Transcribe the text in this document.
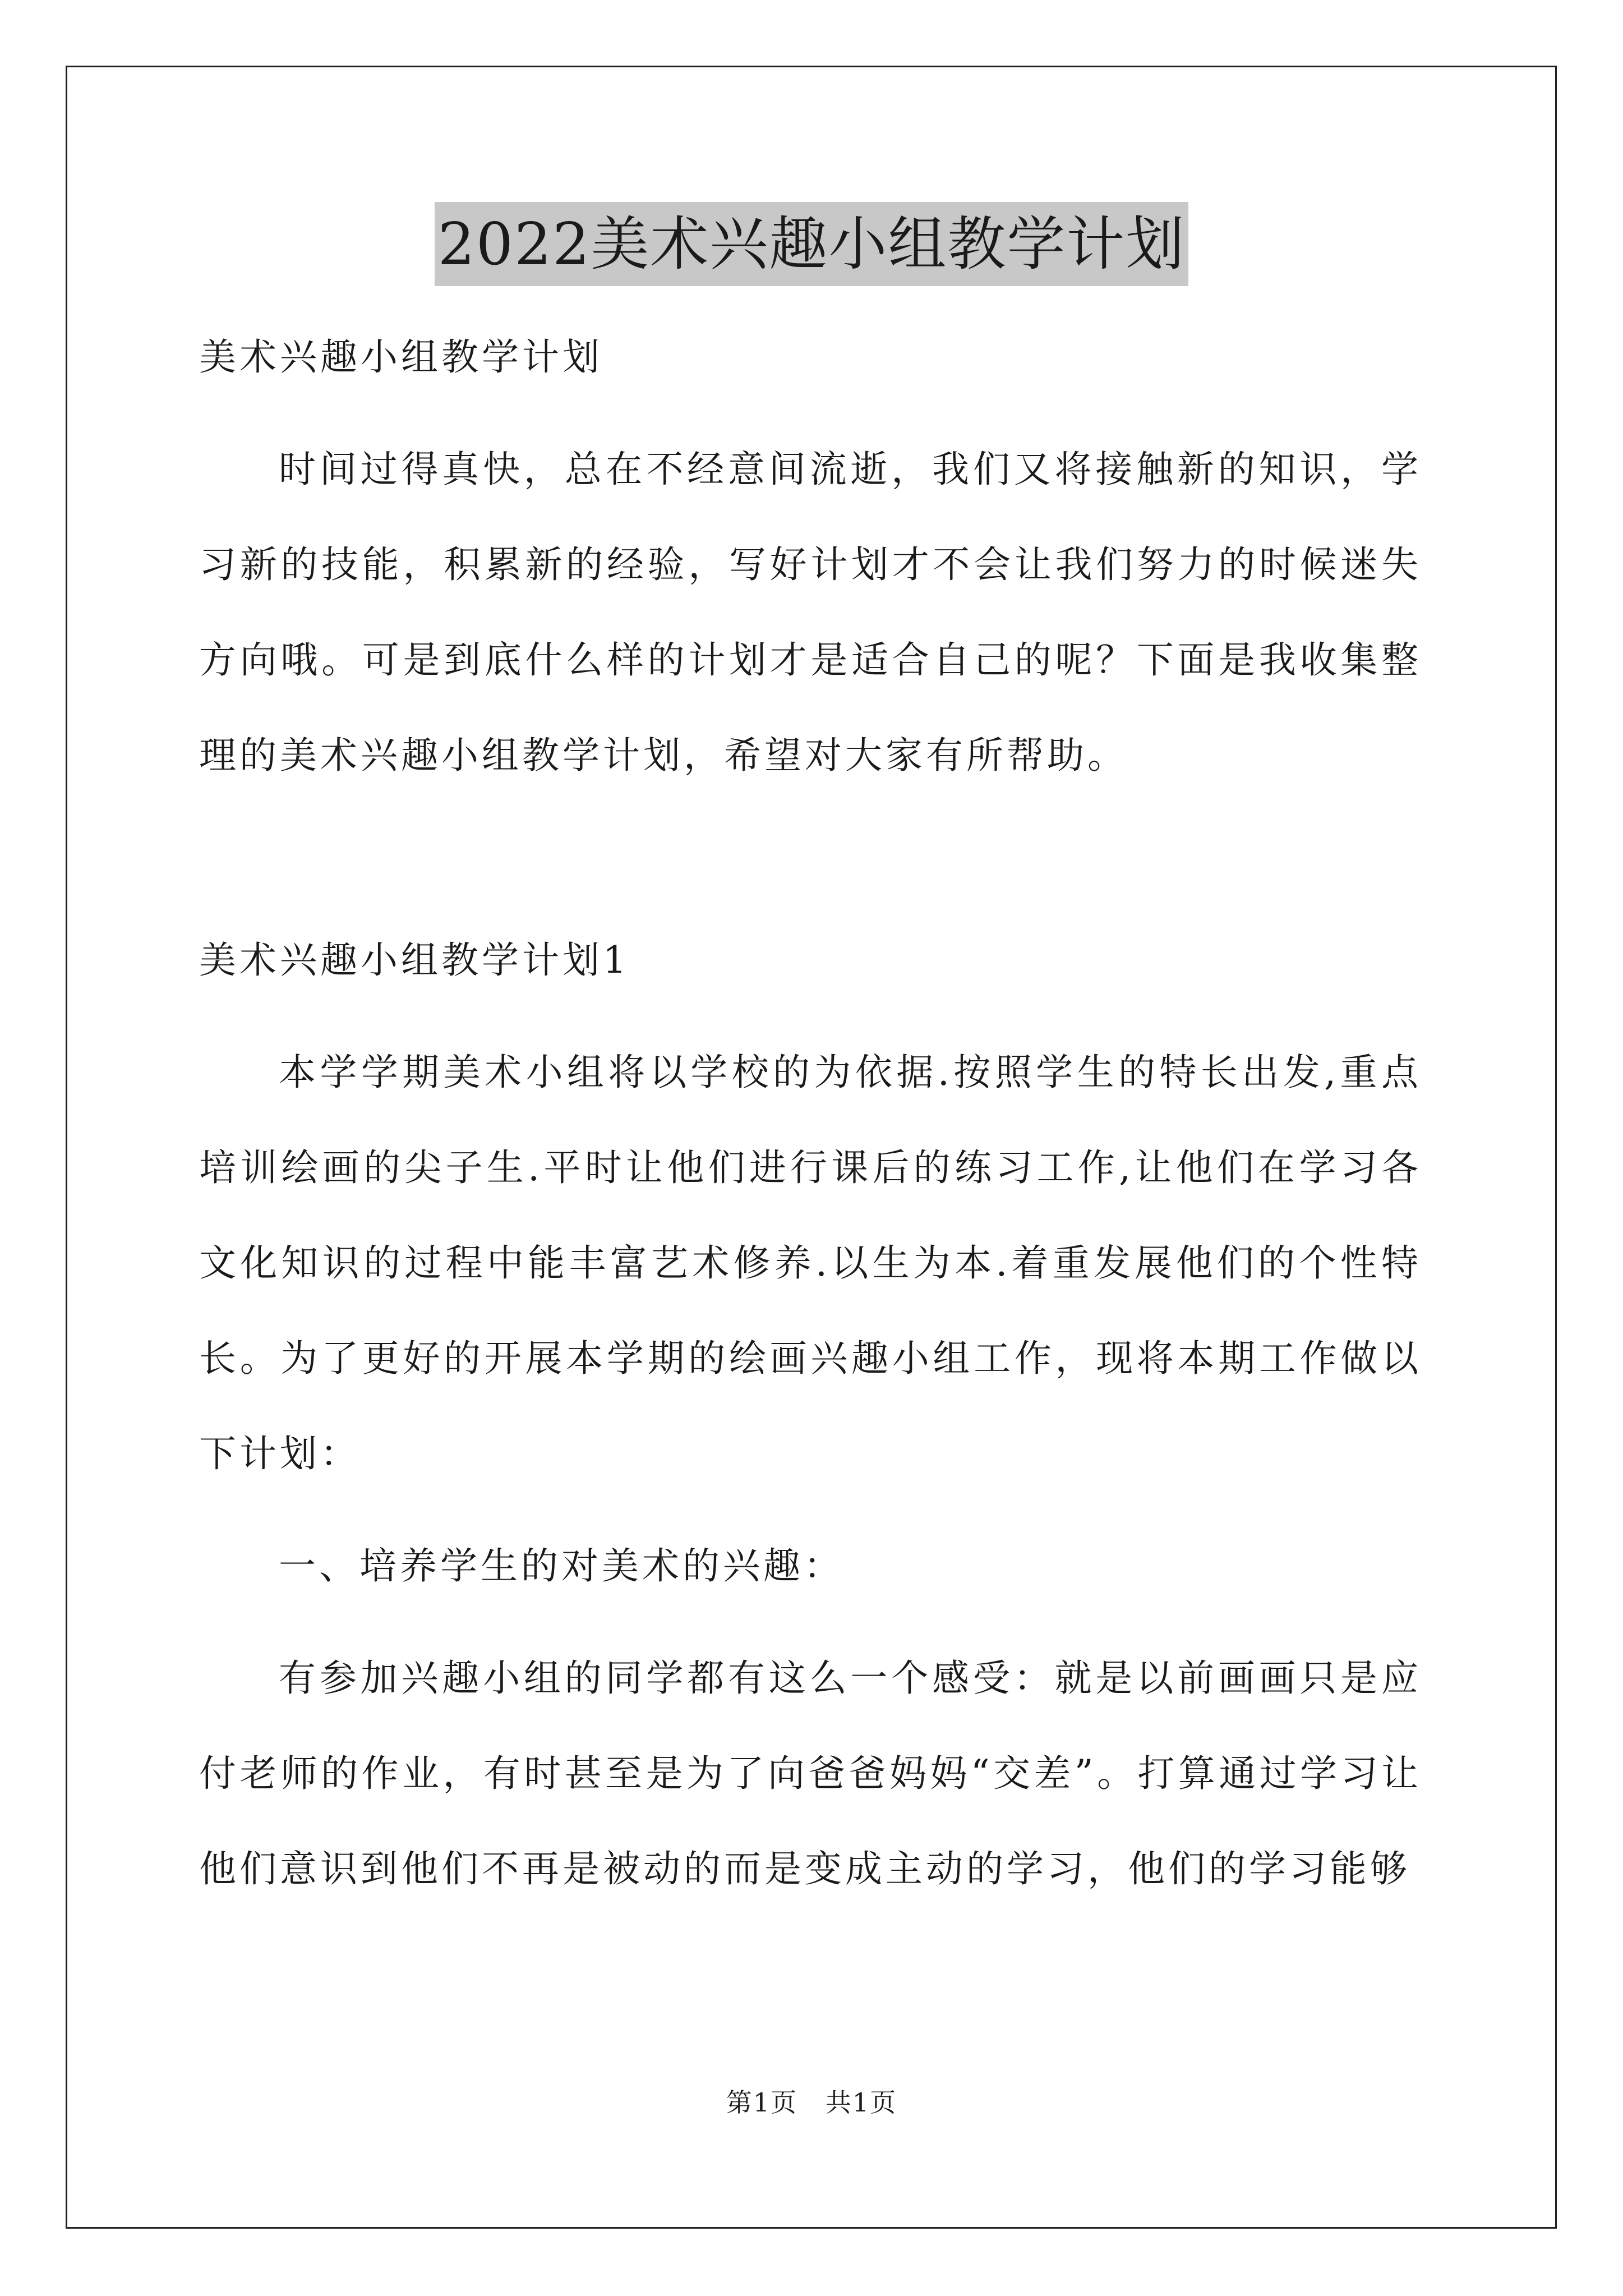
2022美术兴趣小组教学计划

美术兴趣小组教学计划

时间过得真快，总在不经意间流逝，我们又将接触新的知识，学习新的技能，积累新的经验，写好计划才不会让我们努力的时候迷失方向哦。可是到底什么样的计划才是适合自己的呢？下面是我收集整理的美术兴趣小组教学计划，希望对大家有所帮助。

美术兴趣小组教学计划1

本学学期美术小组将以学校的为依据.按照学生的特长出发,重点培训绘画的尖子生.平时让他们进行课后的练习工作,让他们在学习各文化知识的过程中能丰富艺术修养.以生为本.着重发展他们的个性特长。为了更好的开展本学期的绘画兴趣小组工作，现将本期工作做以下计划：

一、培养学生的对美术的兴趣：

有参加兴趣小组的同学都有这么一个感受：就是以前画画只是应付老师的作业，有时甚至是为了向爸爸妈妈“交差”。打算通过学习让他们意识到他们不再是被动的而是变成主动的学习，他们的学习能够

第1页   共1页
